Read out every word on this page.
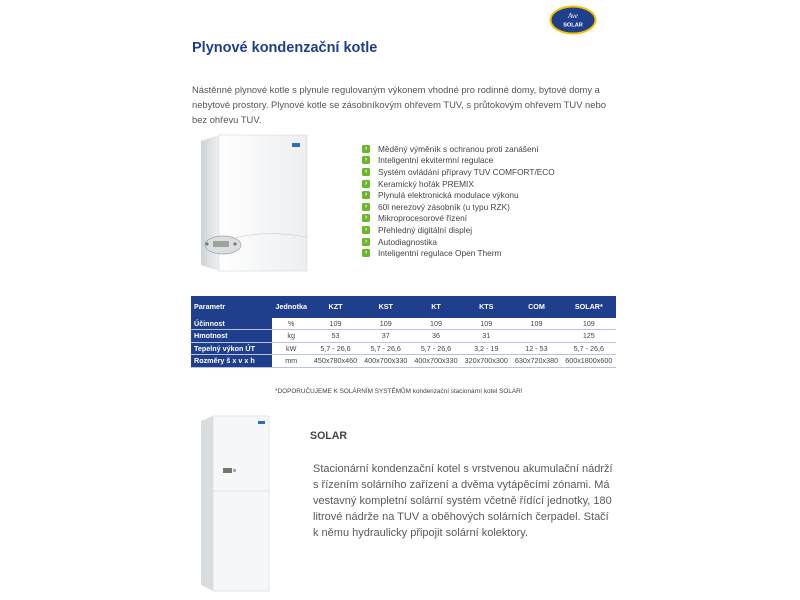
Ave
SOLAR
Plynové kondenzační kotle
Nástěnné plynové kotle s plynule regulovaným výkonem vhodné pro rodinné domy, bytové domy a nebytové prostory. Plynové kotle se zásobníkovým ohřevem TUV, s průtokovým ohřevem TUV nebo bez ohřevu TUV.
›	Měděný výměník s ochranou proti zanášení
›	Inteligentní ekvitermní regulace
›	Systém ovládání přípravy TUV COMFORT/ECO
›	Keramický hořák PREMIX
›	Plynulá elektronická modulace výkonu
›	60l nerezový zásobník (u typu RZK)
›	Mikroprocesorové řízení
›	Přehledný digitální displej
›	Autodiagnostika
›	Inteligentní regulace Open Therm
Parametr	Jednotka	KZT	KST	KT	KTS	COM	SOLAR*
Účinnost	%	109	109	109	109	109	109
Hmotnost	kg	53	37	36	31		125
Tepelný výkon ÚT	kW	5,7 - 26,6	5,7 - 26,6	5,7 - 26,6	3,2 - 19	12 - 53	5,7 - 26,6
Rozměry š x v x h	mm	450x780x460	400x700x330	400x700x330	320x700x300	630x720x380	600x1800x600
*DOPORUČUJEME K SOLÁRNÍM SYSTÉMŮM kondenzační stacionární kotel SOLAR!
SOLAR
Stacionární kondenzační kotel s vrstvenou akumulační nádrží s řízením solárního zařízení a dvěma vytápěcími zónami. Má vestavný kompletní solární systém včetně řídící jednotky, 180 litrové nádrže na TUV a oběhových solárních čerpadel. Stačí k němu hydraulicky připojit solární kolektory.
